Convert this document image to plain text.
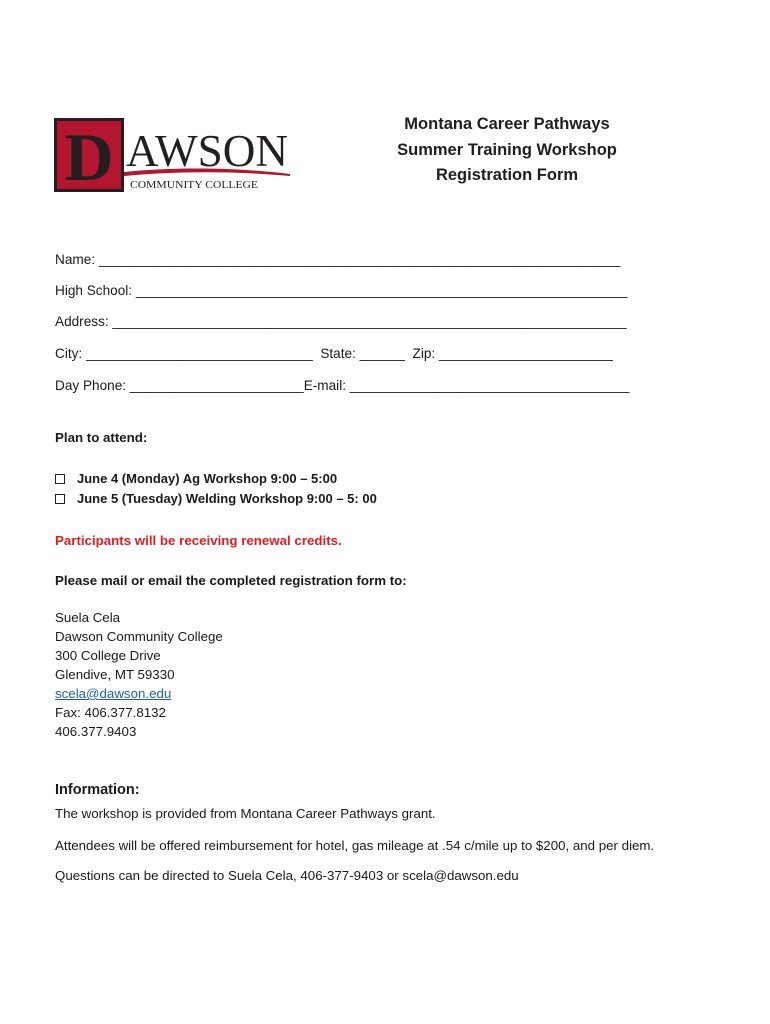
D AWSON
COMMUNITY COLLEGE
Montana Career Pathways
Summer Training Workshop
Registration Form
Name: _____________________________________________________________________
High School: _________________________________________________________________
Address: ____________________________________________________________________
City: ______________________________  State: ______  Zip: _______________________
Day Phone: _______________________E-mail: _____________________________________
Plan to attend:
June 4 (Monday) Ag Workshop 9:00 – 5:00
June 5 (Tuesday) Welding Workshop 9:00 – 5: 00
Participants will be receiving renewal credits.
Please mail or email the completed registration form to:
Suela Cela
Dawson Community College
300 College Drive
Glendive, MT 59330
scela@dawson.edu
Fax: 406.377.8132
406.377.9403
Information:
The workshop is provided from Montana Career Pathways grant.
Attendees will be offered reimbursement for hotel, gas mileage at .54 c/mile up to $200, and per diem.
Questions can be directed to Suela Cela, 406-377-9403 or scela@dawson.edu
